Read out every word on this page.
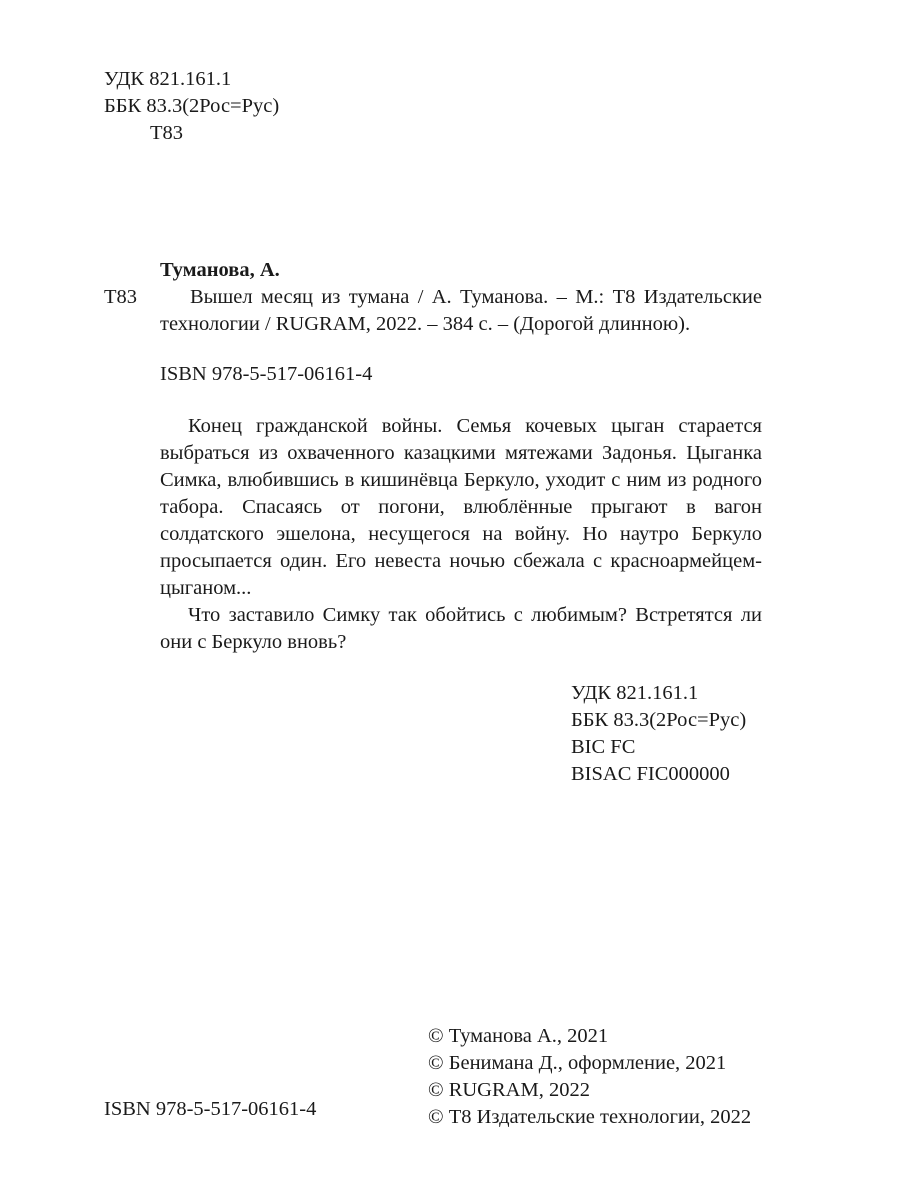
УДК 821.161.1
ББК 83.3(2Рос=Рус)
Т83
Туманова, А.
Т83	Вышел месяц из тумана / А. Туманова. – М.: Т8 Издательские
технологии / RUGRAM, 2022. – 384 с. – (Дорогой длинною).
ISBN 978-5-517-06161-4

Конец гражданской войны. Семья кочевых цыган старается выбраться из охваченного казацкими мятежами Задонья. Цыганка Симка, влюбившись в кишинёвца Беркуло, уходит с ним из родного табора. Спасаясь от погони, влюблённые прыгают в вагон солдатского эшелона, несущегося на войну. Но наутро Беркуло просыпается один. Его невеста ночью сбежала с красноармейцем-цыганом...

Что заставило Симку так обойтись с любимым? Встретятся ли они с Беркуло вновь?

УДК 821.161.1
ББК 83.3(2Рос=Рус)
BIC FC
BISAC FIC000000
© Туманова А., 2021
© Бенимана Д., оформление, 2021
© RUGRAM, 2022
© Т8 Издательские технологии, 2022
ISBN 978-5-517-06161-4
